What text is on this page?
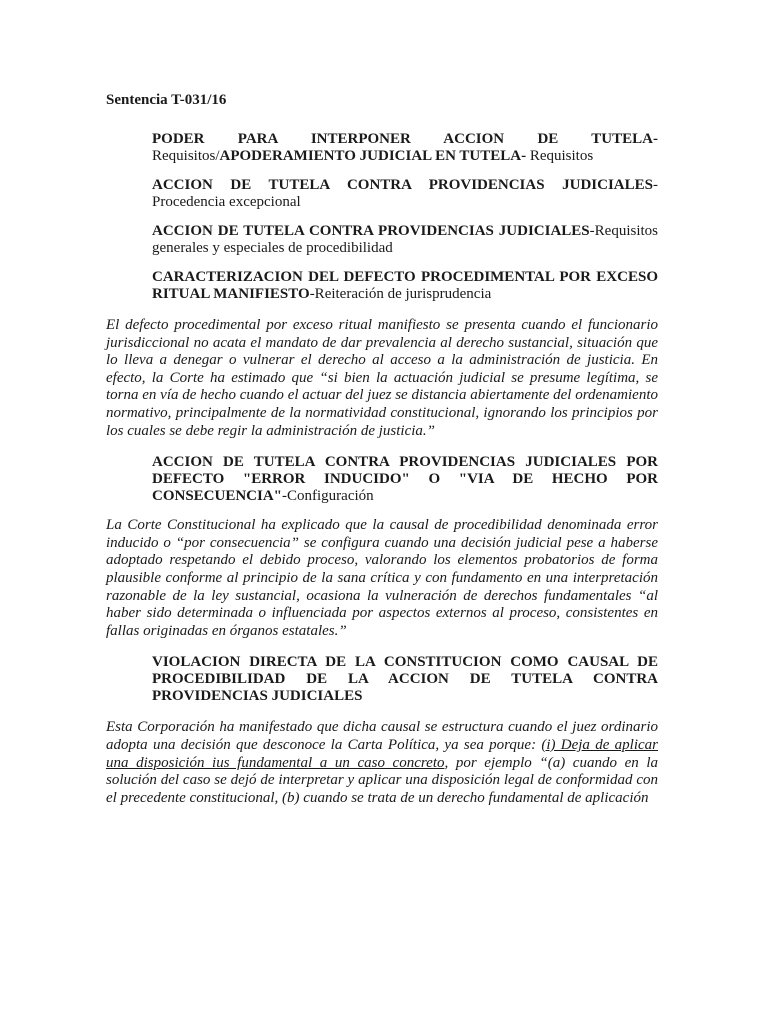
Sentencia T-031/16

PODER PARA INTERPONER ACCION DE TUTELA-Requisitos/APODERAMIENTO JUDICIAL EN TUTELA- Requisitos

ACCION DE TUTELA CONTRA PROVIDENCIAS JUDICIALES-Procedencia excepcional

ACCION DE TUTELA CONTRA PROVIDENCIAS JUDICIALES-Requisitos generales y especiales de procedibilidad

CARACTERIZACION DEL DEFECTO PROCEDIMENTAL POR EXCESO RITUAL MANIFIESTO-Reiteración de jurisprudencia

El defecto procedimental por exceso ritual manifiesto se presenta cuando el funcionario jurisdiccional no acata el mandato de dar prevalencia al derecho sustancial, situación que lo lleva a denegar o vulnerar el derecho al acceso a la administración de justicia. En efecto, la Corte ha estimado que “si bien la actuación judicial se presume legítima, se torna en vía de hecho cuando el actuar del juez se distancia abiertamente del ordenamiento normativo, principalmente de la normatividad constitucional, ignorando los principios por los cuales se debe regir la administración de justicia.”

ACCION DE TUTELA CONTRA PROVIDENCIAS JUDICIALES POR DEFECTO "ERROR INDUCIDO" O "VIA DE HECHO POR CONSECUENCIA"-Configuración

La Corte Constitucional ha explicado que la causal de procedibilidad denominada error inducido o “por consecuencia” se configura cuando una decisión judicial pese a haberse adoptado respetando el debido proceso, valorando los elementos probatorios de forma plausible conforme al principio de la sana crítica y con fundamento en una interpretación razonable de la ley sustancial, ocasiona la vulneración de derechos fundamentales “al haber sido determinada o influenciada por aspectos externos al proceso, consistentes en fallas originadas en órganos estatales.”

VIOLACION DIRECTA DE LA CONSTITUCION COMO CAUSAL DE PROCEDIBILIDAD DE LA ACCION DE TUTELA CONTRA PROVIDENCIAS JUDICIALES

Esta Corporación ha manifestado que dicha causal se estructura cuando el juez ordinario adopta una decisión que desconoce la Carta Política, ya sea porque: (i) Deja de aplicar una disposición ius fundamental a un caso concreto, por ejemplo “(a) cuando en la solución del caso se dejó de interpretar y aplicar una disposición legal de conformidad con el precedente constitucional, (b) cuando se trata de un derecho fundamental de aplicación
